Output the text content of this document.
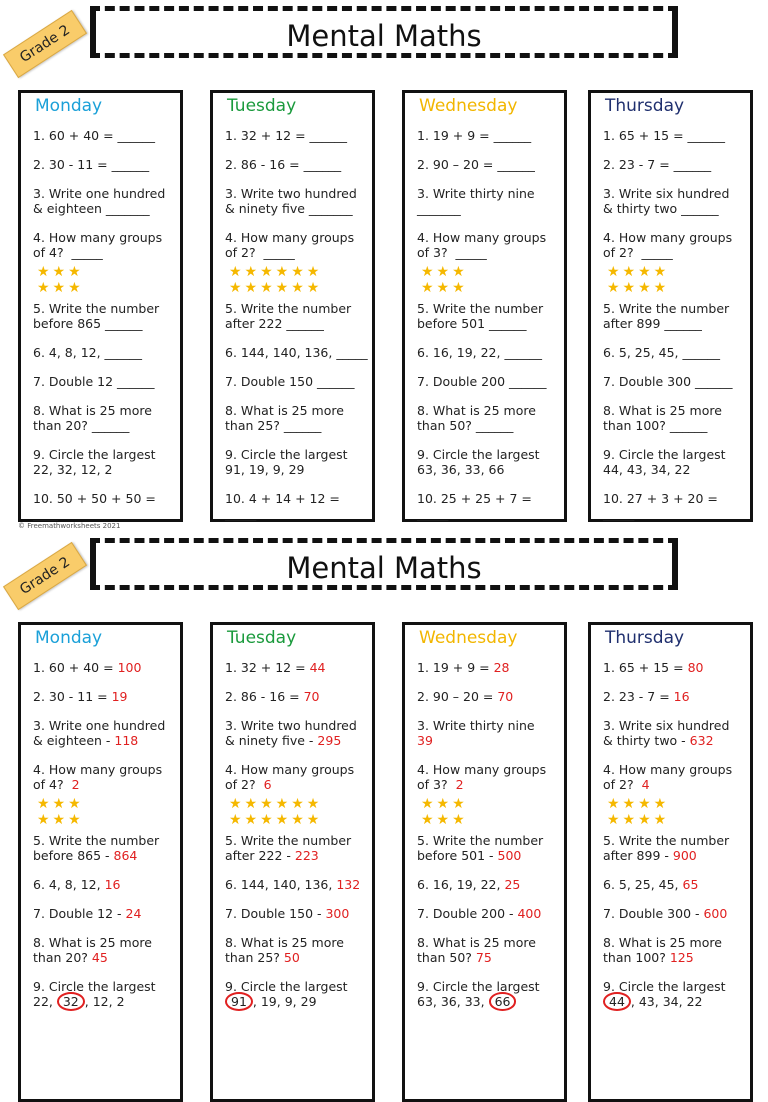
Mental Maths
Grade 2
Monday
1. 60 + 40 = ______
2. 30 - 11 = ______
3. Write one hundred
& eighteen _______
4. How many groups
of 4?  _____
5. Write the number
before 865 ______
6. 4, 8, 12, ______
7. Double 12 ______
8. What is 25 more
than 20? ______
9. Circle the largest
22, 32, 12, 2
10. 50 + 50 + 50 = ____
★★★
★★★
Tuesday
1. 32 + 12 = ______
2. 86 - 16 = ______
3. Write two hundred
& ninety five _______
4. How many groups
of 2?  _____
5. Write the number
after 222 ______
6. 144, 140, 136, _____
7. Double 150 ______
8. What is 25 more
than 25? ______
9. Circle the largest
91, 19, 9, 29
10. 4 + 14 + 12 = _____
★★★★★★
★★★★★★
Wednesday
1. 19 + 9 = ______
2. 90 – 20 = ______
3. Write thirty nine
_______
4. How many groups
of 3?  _____
5. Write the number
before 501 ______
6. 16, 19, 22, ______
7. Double 200 ______
8. What is 25 more
than 50? ______
9. Circle the largest
63, 36, 33, 66
10. 25 + 25 + 7 = _____
★★★
★★★
Thursday
1. 65 + 15 = ______
2. 23 - 7 = ______
3. Write six hundred
& thirty two ______
4. How many groups
of 2?  _____
5. Write the number
after 899 ______
6. 5, 25, 45, ______
7. Double 300 ______
8. What is 25 more
than 100? ______
9. Circle the largest
44, 43, 34, 22
10. 27 + 3 + 20 = _____
★★★★
★★★★
© Freemathworksheets 2021
Mental Maths
Grade 2
Monday
1. 60 + 40 = 100
2. 30 - 11 = 19
3. Write one hundred
& eighteen - 118
4. How many groups
of 4?  2
5. Write the number
before 865 - 864
6. 4, 8, 12, 16
7. Double 12 - 24
8. What is 25 more
than 20? 45
9. Circle the largest
22, 32 , 12, 2
★★★
★★★
Tuesday
1. 32 + 12 = 44
2. 86 - 16 = 70
3. Write two hundred
& ninety five - 295
4. How many groups
of 2?  6
5. Write the number
after 222 - 223
6. 144, 140, 136, 132
7. Double 150 - 300
8. What is 25 more
than 25? 50
9. Circle the largest
91 , 19, 9, 29
★★★★★★
★★★★★★
Wednesday
1. 19 + 9 = 28
2. 90 – 20 = 70
3. Write thirty nine
39
4. How many groups
of 3?  2
5. Write the number
before 501 - 500
6. 16, 19, 22, 25
7. Double 200 - 400
8. What is 25 more
than 50? 75
9. Circle the largest
63, 36, 33, 66
★★★
★★★
Thursday
1. 65 + 15 = 80
2. 23 - 7 = 16
3. Write six hundred
& thirty two - 632
4. How many groups
of 2?  4
5. Write the number
after 899 - 900
6. 5, 25, 45, 65
7. Double 300 - 600
8. What is 25 more
than 100? 125
9. Circle the largest
44 , 43, 34, 22
★★★★
★★★★
